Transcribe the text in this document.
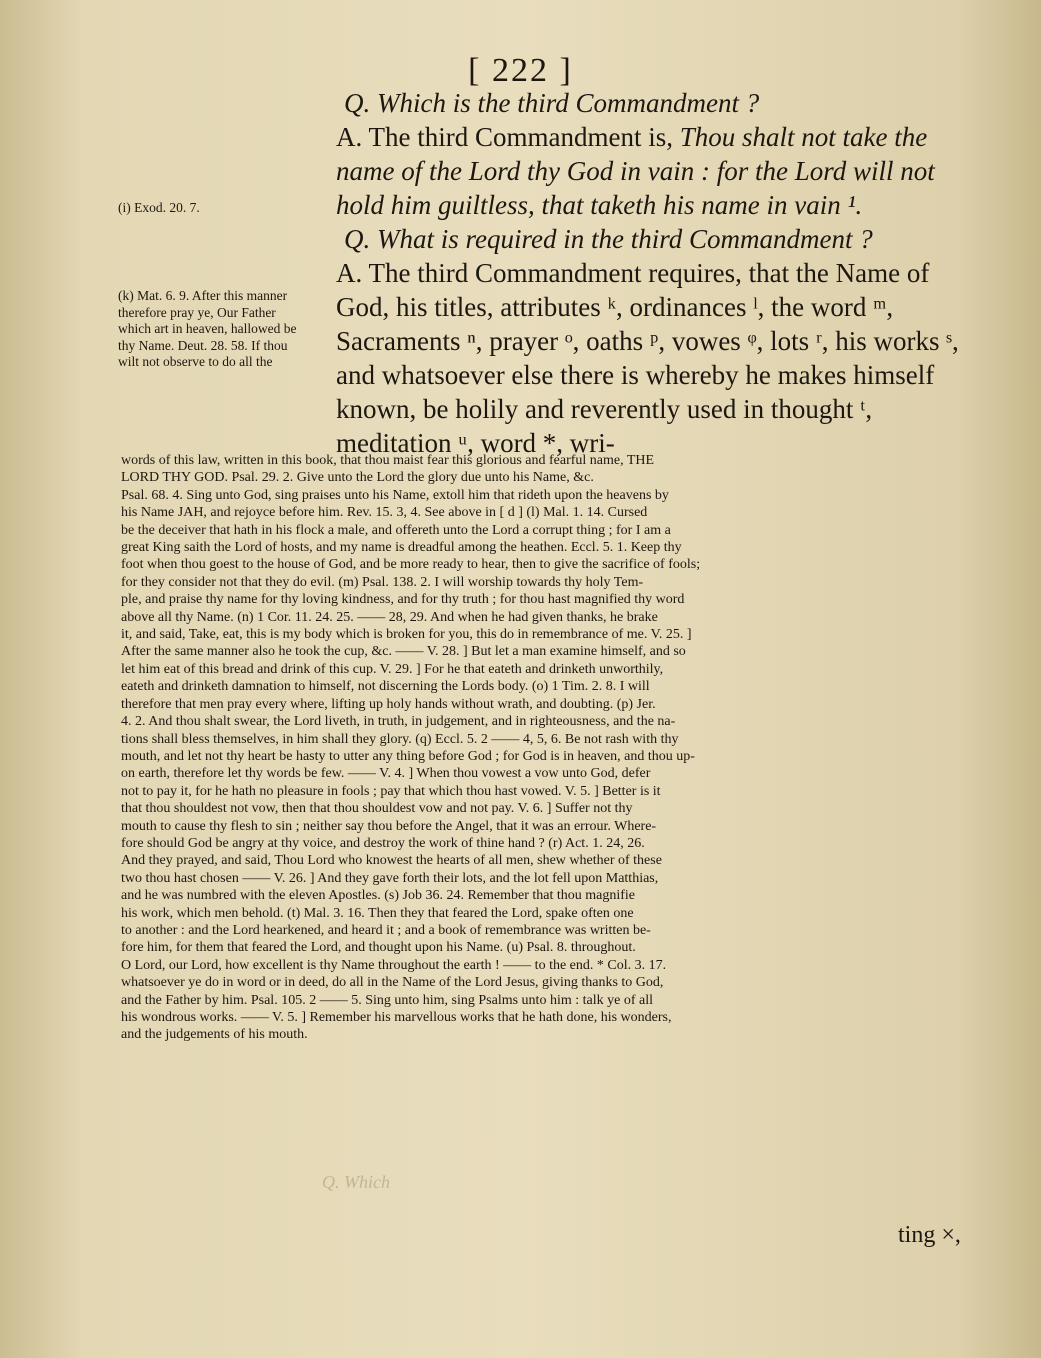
[ 222 ]
Q. Which is the third Commandment ?
A. The third Commandment is, Thou shalt not take the name of the Lord thy God in vain : for the Lord will not hold him guiltless, that taketh his name in vain ¹.
Q. What is required in the third Commandment ?
A. The third Commandment requires, that the Name of God, his titles, attributes ᵏ, ordinances ˡ, the word ᵐ, Sacraments ⁿ, prayer ᵒ, oaths ᵖ, vowes ᵠ, lots ʳ, his works ˢ, and whatsoever else there is whereby he makes himself known, be holily and reverently used in thought ᵗ, meditation ᵘ, word *, wri-
(i) Exod. 20. 7.
(k) Mat. 6. 9. After this manner therefore pray ye, Our Father which art in heaven, hallowed be thy Name. Deut. 28. 58. If thou wilt not observe to do all the

words of this law, written in this book, that thou maist fear this glorious and fearful name, THE

LORD THY GOD. Psal. 29. 2. Give unto the Lord the glory due unto his Name, &c.

Psal. 68. 4. Sing unto God, sing praises unto his Name, extoll him that rideth upon the heavens by

his Name JAH, and rejoyce before him. Rev. 15. 3, 4. See above in [ d ] (l) Mal. 1. 14. Cursed

be the deceiver that hath in his flock a male, and offereth unto the Lord a corrupt thing ; for I am a

great King saith the Lord of hosts, and my name is dreadful among the heathen. Eccl. 5. 1. Keep thy

foot when thou goest to the house of God, and be more ready to hear, then to give the sacrifice of fools;

for they consider not that they do evil. (m) Psal. 138. 2. I will worship towards thy holy Tem-

ple, and praise thy name for thy loving kindness, and for thy truth ; for thou hast magnified thy word

above all thy Name. (n) 1 Cor. 11. 24. 25. —— 28, 29. And when he had given thanks, he brake

it, and said, Take, eat, this is my body which is broken for you, this do in remembrance of me. V. 25. ]

After the same manner also he took the cup, &c. —— V. 28. ] But let a man examine himself, and so

let him eat of this bread and drink of this cup. V. 29. ] For he that eateth and drinketh unworthily,

eateth and drinketh damnation to himself, not discerning the Lords body. (o) 1 Tim. 2. 8. I will

therefore that men pray every where, lifting up holy hands without wrath, and doubting. (p) Jer.

4. 2. And thou shalt swear, the Lord liveth, in truth, in judgement, and in righteousness, and the na-

tions shall bless themselves, in him shall they glory. (q) Eccl. 5. 2 —— 4, 5, 6. Be not rash with thy

mouth, and let not thy heart be hasty to utter any thing before God ; for God is in heaven, and thou up-

on earth, therefore let thy words be few. —— V. 4. ] When thou vowest a vow unto God, defer

not to pay it, for he hath no pleasure in fools ; pay that which thou hast vowed. V. 5. ] Better is it

that thou shouldest not vow, then that thou shouldest vow and not pay. V. 6. ] Suffer not thy

mouth to cause thy flesh to sin ; neither say thou before the Angel, that it was an errour. Where-

fore should God be angry at thy voice, and destroy the work of thine hand ? (r) Act. 1. 24, 26.

And they prayed, and said, Thou Lord who knowest the hearts of all men, shew whether of these

two thou hast chosen —— V. 26. ] And they gave forth their lots, and the lot fell upon Matthias,

and he was numbred with the eleven Apostles. (s) Job 36. 24. Remember that thou magnifie

his work, which men behold. (t) Mal. 3. 16. Then they that feared the Lord, spake often one

to another : and the Lord hearkened, and heard it ; and a book of remembrance was written be-

fore him, for them that feared the Lord, and thought upon his Name. (u) Psal. 8. throughout.

O Lord, our Lord, how excellent is thy Name throughout the earth ! —— to the end. * Col. 3. 17.

whatsoever ye do in word or in deed, do all in the Name of the Lord Jesus, giving thanks to God,

and the Father by him. Psal. 105. 2 —— 5. Sing unto him, sing Psalms unto him : talk ye of all

his wondrous works. —— V. 5. ] Remember his marvellous works that he hath done, his wonders,

and the judgements of his mouth.

Q. Which
ting ×,
